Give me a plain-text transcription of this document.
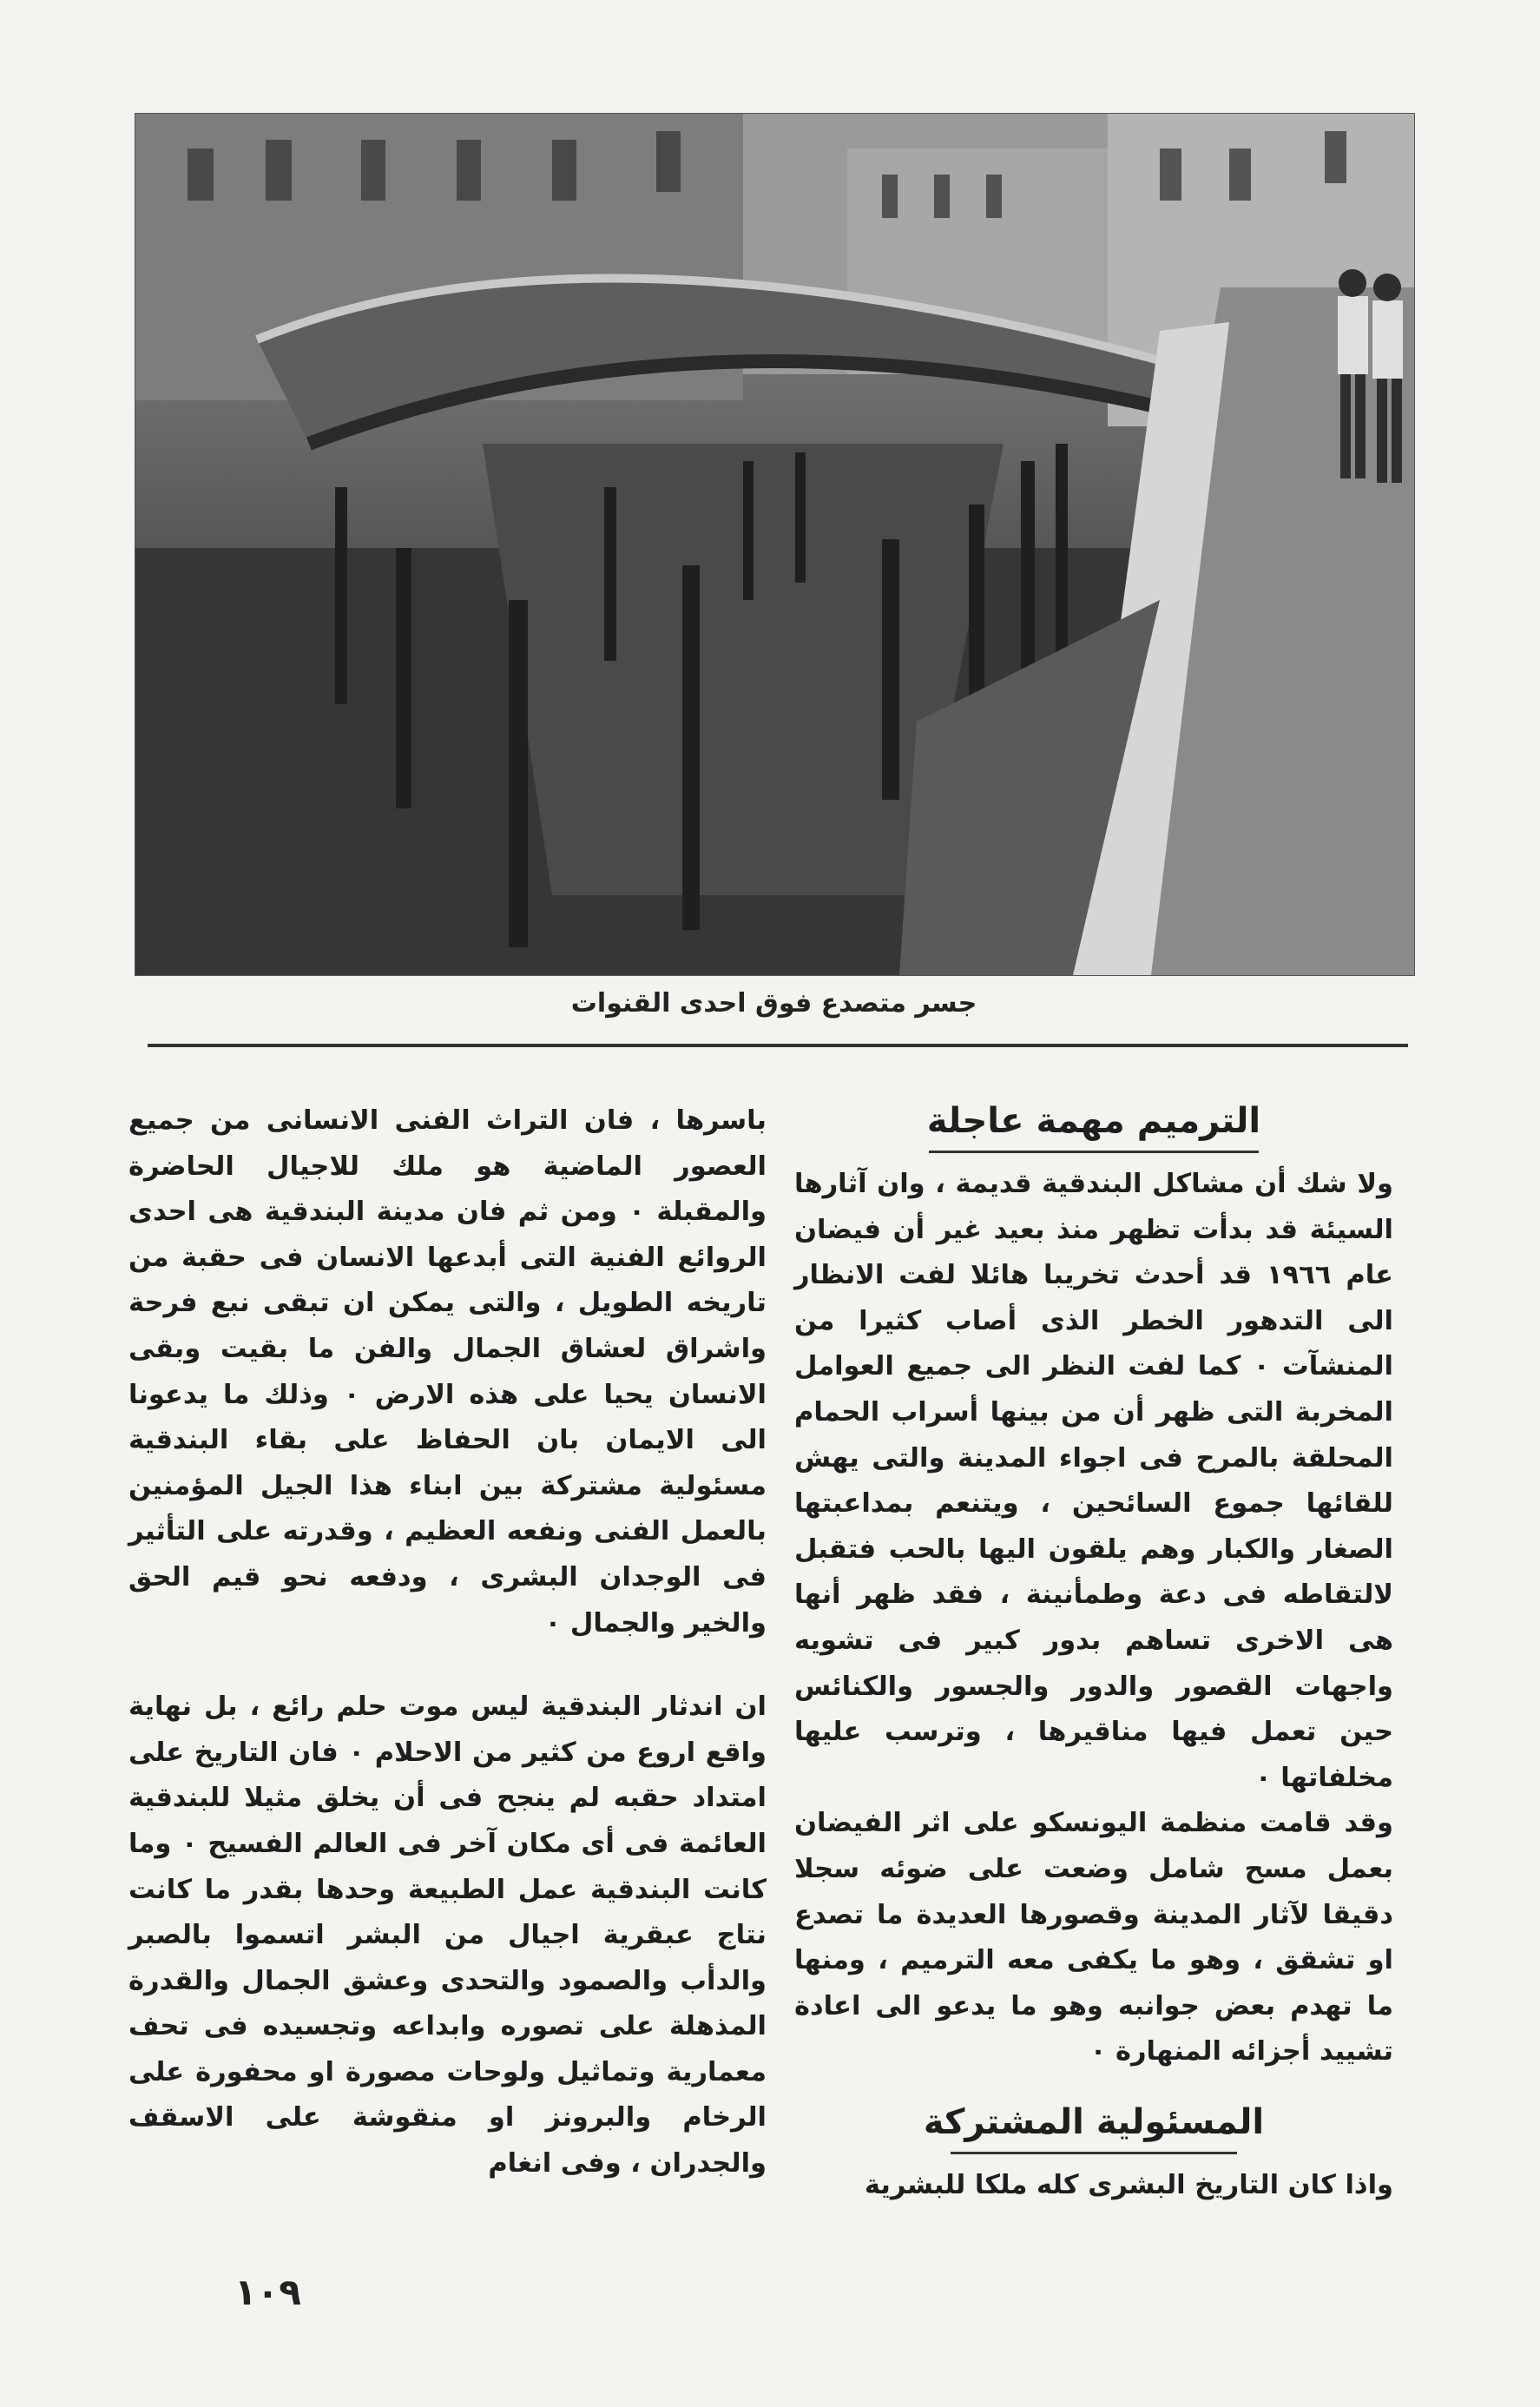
جسر متصدع فوق احدى القنوات
الترميم مهمة عاجلة

ولا شك أن مشاكل البندقية قديمة ، وان آثارها السيئة قد بدأت تظهر منذ بعيد غير أن فيضان عام ١٩٦٦ قد أحدث تخريبا هائلا لفت الانظار الى التدهور الخطر الذى أصاب كثيرا من المنشآت ٠ كما لفت النظر الى جميع العوامل المخربة التى ظهر أن من بينها أسراب الحمام المحلقة بالمرح فى اجواء المدينة والتى يهش للقائها جموع السائحين ، ويتنعم بمداعبتها الصغار والكبار وهم يلقون اليها بالحب فتقبل لالتقاطه فى دعة وطمأنينة ، فقد ظهر أنها هى الاخرى تساهم بدور كبير فى تشويه واجهات القصور والدور والجسور والكنائس حين تعمل فيها مناقيرها ، وترسب عليها مخلفاتها ٠

وقد قامت منظمة اليونسكو على اثر الفيضان بعمل مسح شامل وضعت على ضوئه سجلا دقيقا لآثار المدينة وقصورها العديدة ما تصدع او تشقق ، وهو ما يكفى معه الترميم ، ومنها ما تهدم بعض جوانبه وهو ما يدعو الى اعادة تشييد أجزائه المنهارة ٠

المسئولية المشتركة

واذا كان التاريخ البشرى كله ملكا للبشرية

باسرها ، فان التراث الفنى الانسانى من جميع العصور الماضية هو ملك للاجيال الحاضرة والمقبلة ٠ ومن ثم فان مدينة البندقية هى احدى الروائع الفنية التى أبدعها الانسان فى حقبة من تاريخه الطويل ، والتى يمكن ان تبقى نبع فرحة واشراق لعشاق الجمال والفن ما بقيت وبقى الانسان يحيا على هذه الارض ٠ وذلك ما يدعونا الى الايمان بان الحفاظ على بقاء البندقية مسئولية مشتركة بين ابناء هذا الجيل المؤمنين بالعمل الفنى ونفعه العظيم ، وقدرته على التأثير فى الوجدان البشرى ، ودفعه نحو قيم الحق والخير والجمال ٠

ان اندثار البندقية ليس موت حلم رائع ، بل نهاية واقع اروع من كثير من الاحلام ٠ فان التاريخ على امتداد حقبه لم ينجح فى أن يخلق مثيلا للبندقية العائمة فى أى مكان آخر فى العالم الفسيح ٠ وما كانت البندقية عمل الطبيعة وحدها بقدر ما كانت نتاج عبقرية اجيال من البشر اتسموا بالصبر والدأب والصمود والتحدى وعشق الجمال والقدرة المذهلة على تصوره وابداعه وتجسيده فى تحف معمارية وتماثيل ولوحات مصورة او محفورة على الرخام والبرونز او منقوشة على الاسقف والجدران ، وفى انغام

١٠٩
